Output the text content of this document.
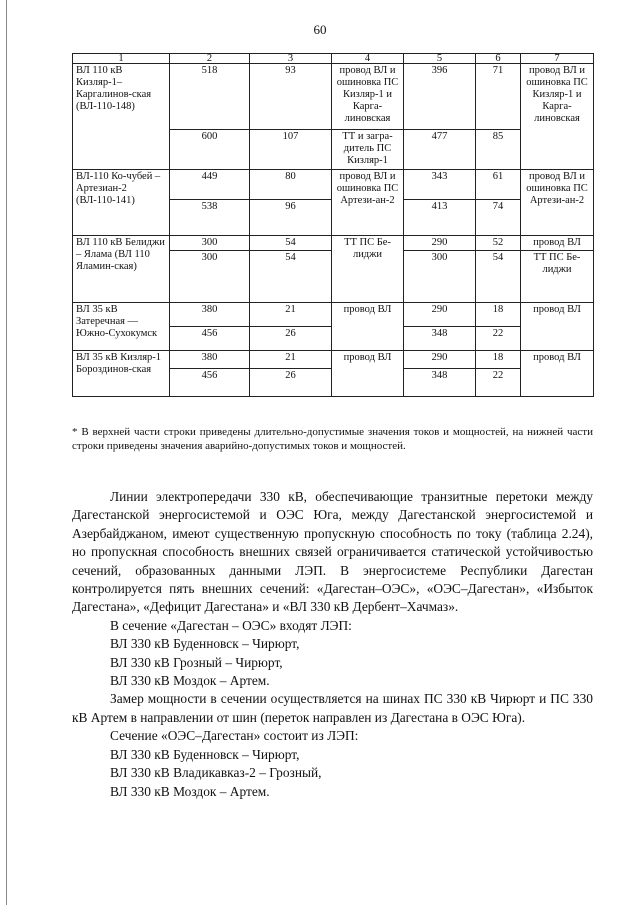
60
1	2	3	4	5	6	7
ВЛ 110 кВ Кизляр-1–Каргалинов-ская (ВЛ-110-148)	518	93	провод ВЛ и ошиновка ПС Кизляр-1 и Карга-линовская	396	71	провод ВЛ и ошиновка ПС Кизляр-1 и Карга-линовская
	600	107	ТТ и загра-дитель ПС Кизляр-1	477	85	
ВЛ-110 Ко-чубей – Артезиан-2 (ВЛ-110-141)	449	80	провод ВЛ и ошиновка ПС Артези-ан-2	343	61	провод ВЛ и ошиновка ПС Артези-ан-2
	538	96		413	74	
ВЛ 110 кВ Белиджи – Ялама (ВЛ 110 Яламин-ская)	300	54	ТТ ПС Бе-лиджи	290	52	провод ВЛ
	300	54		300	54	ТТ ПС Бе-лиджи
ВЛ 35 кВ Затеречная — Южно-Сухокумск	380	21	провод ВЛ	290	18	провод ВЛ
	456	26		348	22	
ВЛ 35 кВ Кизляр-1 Бороздинов-ская	380	21	провод ВЛ	290	18	провод ВЛ
	456	26		348	22	
* В верхней части строки приведены длительно-допустимые значения токов и мощностей, на нижней части строки приведены значения аварийно-допустимых токов и мощностей.

Линии электропередачи 330 кВ, обеспечивающие транзитные перетоки между Дагестанской энергосистемой и ОЭС Юга, между Дагестанской энергосистемой и Азербайджаном, имеют существенную пропускную способность по току (таблица 2.24), но пропускная способность внешних связей ограничивается статической устойчивостью сечений, образованных данными ЛЭП. В энергосистеме Республики Дагестан контролируется пять внешних сечений: «Дагестан–ОЭС», «ОЭС–Дагестан», «Избыток Дагестана», «Дефицит Дагестана» и «ВЛ 330 кВ Дербент–Хачмаз».

В сечение «Дагестан – ОЭС» входят ЛЭП:

ВЛ 330 кВ Буденновск – Чирюрт,

ВЛ 330 кВ Грозный – Чирюрт,

ВЛ 330 кВ Моздок – Артем.

Замер мощности в сечении осуществляется на шинах ПС 330 кВ Чирюрт и ПС 330 кВ Артем в направлении от шин (переток направлен из Дагестана в ОЭС Юга).

Сечение «ОЭС–Дагестан» состоит из ЛЭП:

ВЛ 330 кВ Буденновск – Чирюрт,

ВЛ 330 кВ Владикавказ-2 – Грозный,

ВЛ 330 кВ Моздок – Артем.
